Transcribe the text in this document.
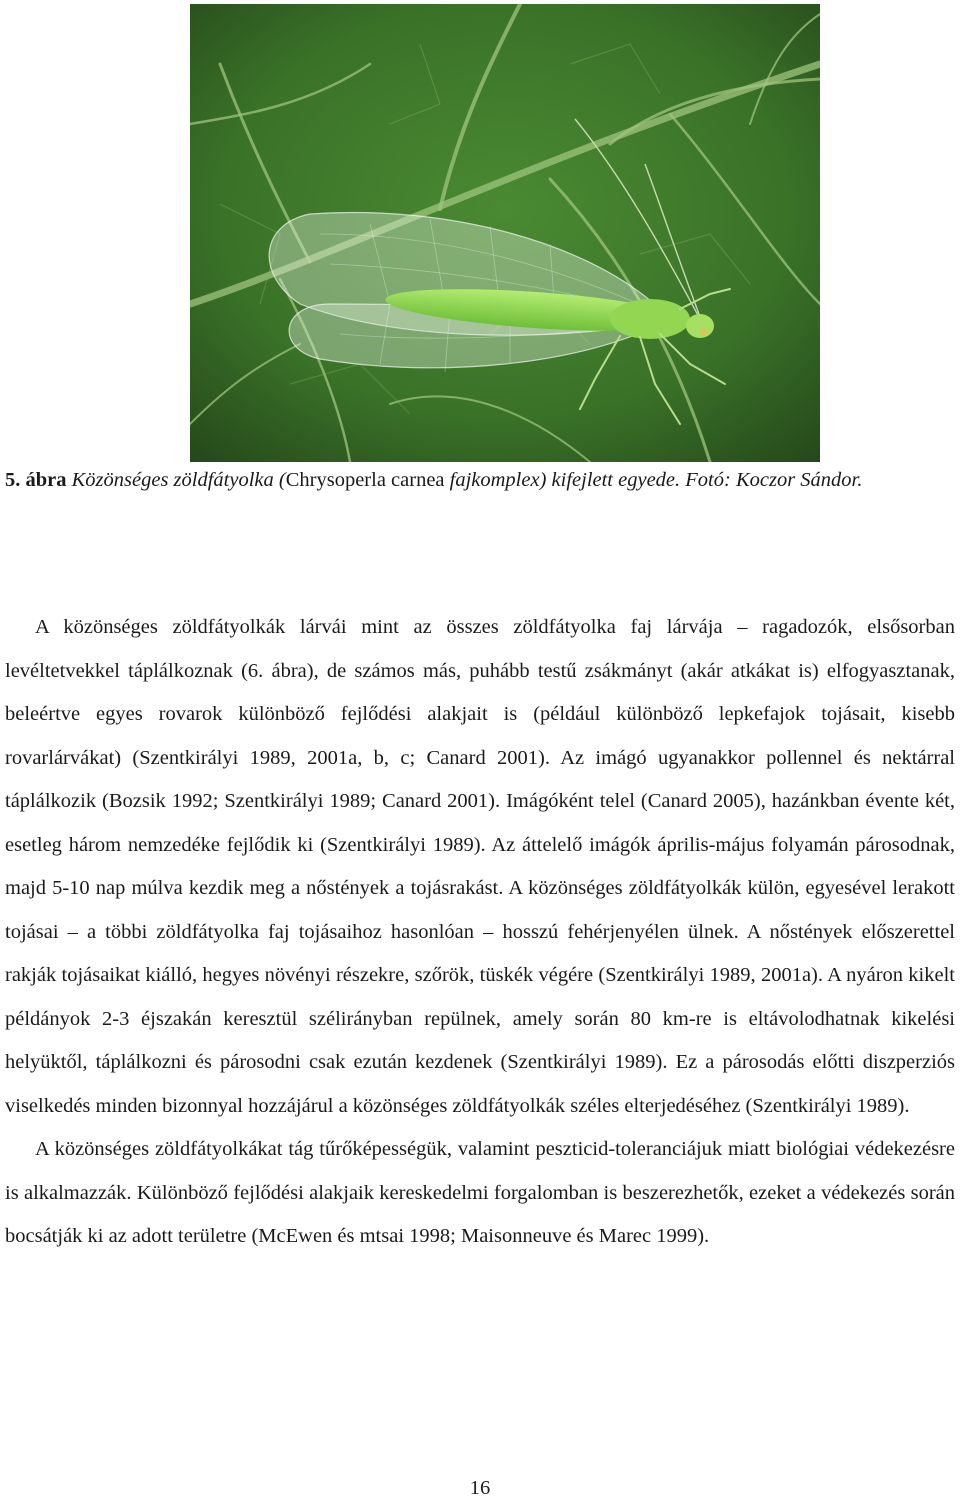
5. ábra Közönséges zöldfátyolka (Chrysoperla carnea fajkomplex) kifejlett egyede. Fotó: Koczor Sándor.

A közönséges zöldfátyolkák lárvái mint az összes zöldfátyolka faj lárvája – ragadozók, elsősorban levéltetvekkel táplálkoznak (6. ábra), de számos más, puhább testű zsákmányt (akár atkákat is) elfogyasztanak, beleértve egyes rovarok különböző fejlődési alakjait is (például különböző lepkefajok tojásait, kisebb rovarlárvákat) (Szentkirályi 1989, 2001a, b, c; Canard 2001). Az imágó ugyanakkor pollennel és nektárral táplálkozik (Bozsik 1992; Szentkirályi 1989; Canard 2001). Imágóként telel (Canard 2005), hazánkban évente két, esetleg három nemzedéke fejlődik ki (Szentkirályi 1989). Az áttelelő imágók április-május folyamán párosodnak, majd 5-10 nap múlva kezdik meg a nőstények a tojásrakást. A közönséges zöldfátyolkák külön, egyesével lerakott tojásai – a többi zöldfátyolka faj tojásaihoz hasonlóan – hosszú fehérjenyélen ülnek. A nőstények előszerettel rakják tojásaikat kiálló, hegyes növényi részekre, szőrök, tüskék végére (Szentkirályi 1989, 2001a). A nyáron kikelt példányok 2-3 éjszakán keresztül szélirányban repülnek, amely során 80 km-re is eltávolodhatnak kikelési helyüktől, táplálkozni és párosodni csak ezután kezdenek (Szentkirályi 1989). Ez a párosodás előtti diszperziós viselkedés minden bizonnyal hozzájárul a közönséges zöldfátyolkák széles elterjedéséhez (Szentkirályi 1989).

A közönséges zöldfátyolkákat tág tűrőképességük, valamint peszticid-toleranciájuk miatt biológiai védekezésre is alkalmazzák. Különböző fejlődési alakjaik kereskedelmi forgalomban is beszerezhetők, ezeket a védekezés során bocsátják ki az adott területre (McEwen és mtsai 1998; Maisonneuve és Marec 1999).

16
